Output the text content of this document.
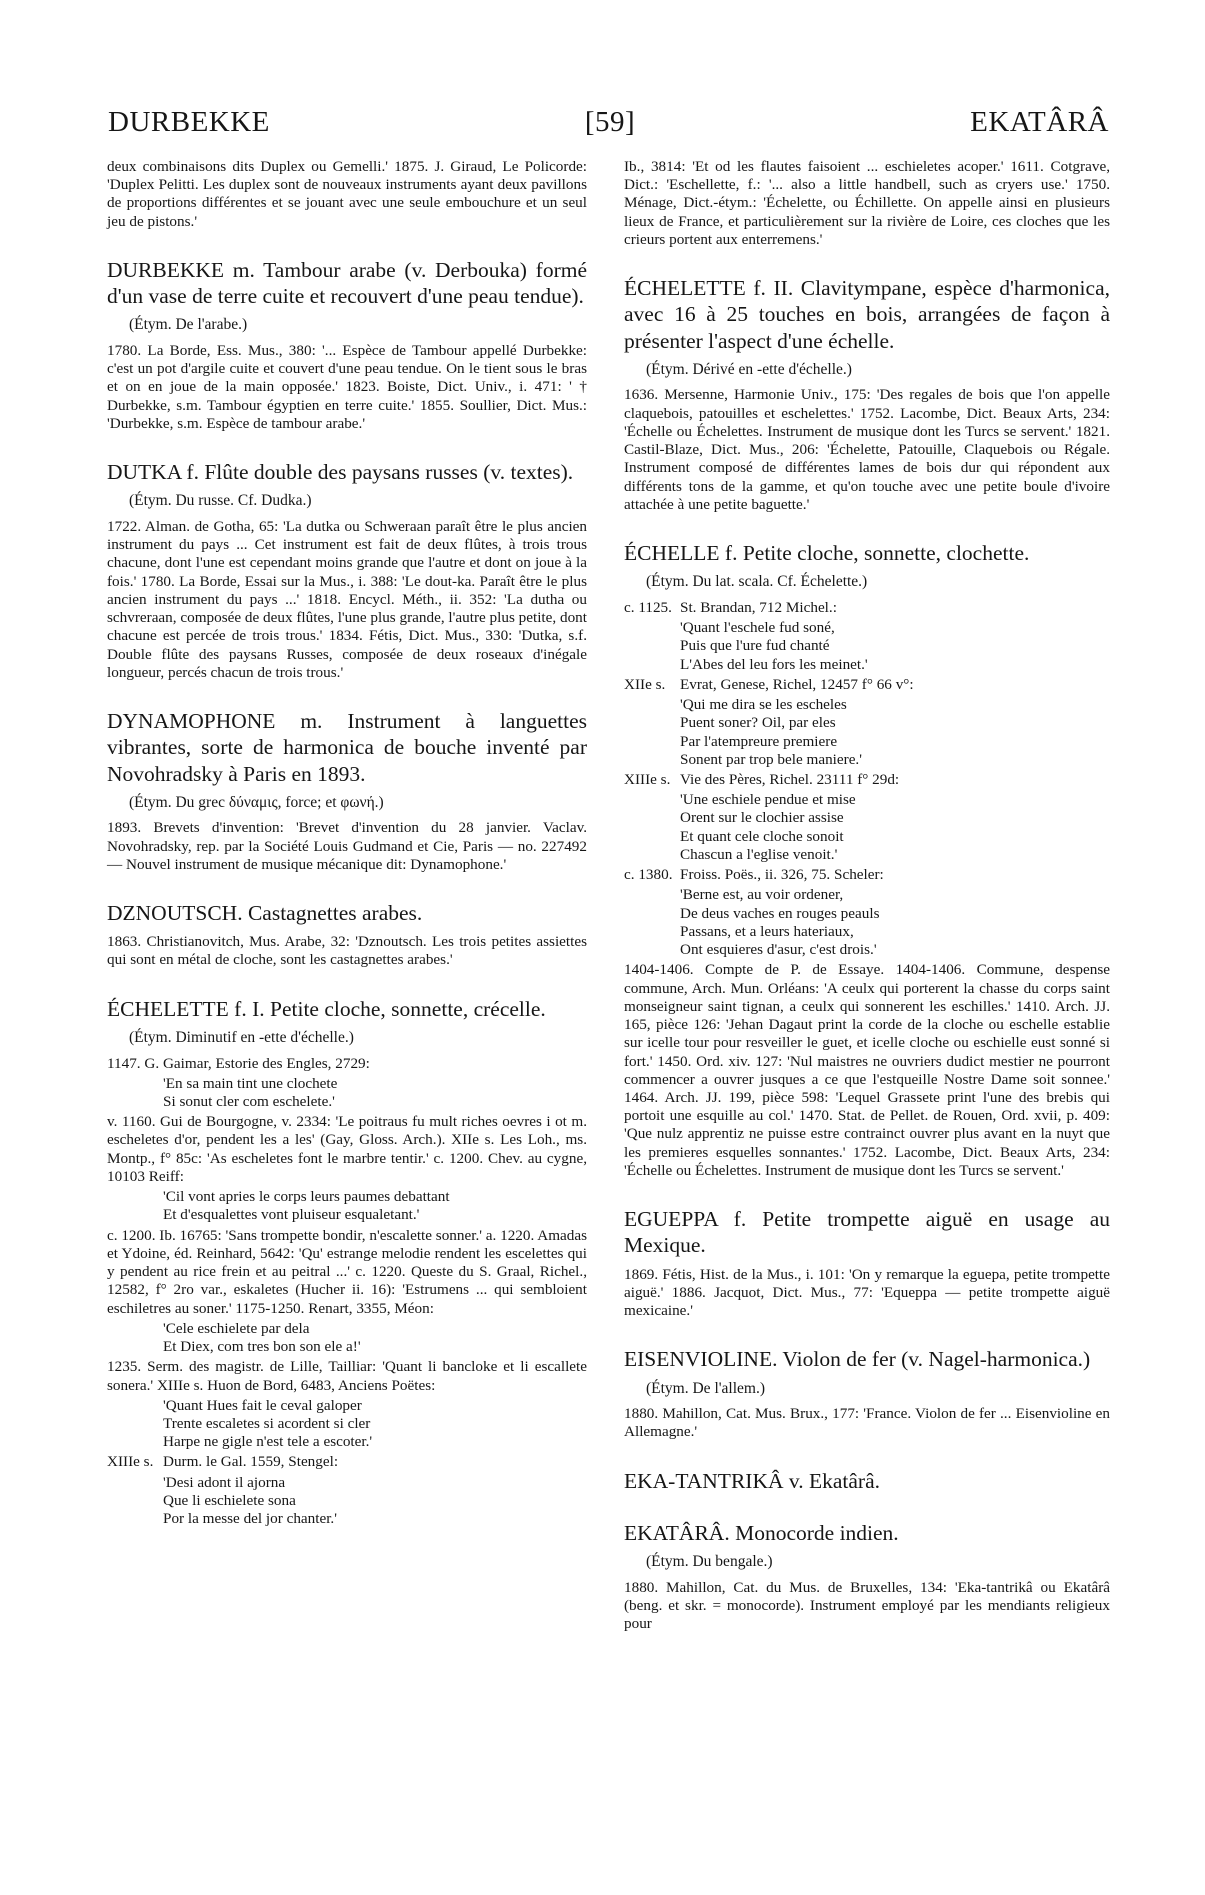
DURBEKKE	[59]	EKATÂRÂ

deux combinaisons dits Duplex ou Gemelli.' 1875. J. Giraud, Le Policorde: 'Duplex Pelitti. Les duplex sont de nouveaux instruments ayant deux pavillons de proportions différentes et se jouant avec une seule embouchure et un seul jeu de pistons.'

DURBEKKE m. Tambour arabe (v. Derbouka) formé d'un vase de terre cuite et recouvert d'une peau tendue).

(Étym. De l'arabe.)

1780. La Borde, Ess. Mus., 380: '... Espèce de Tambour appellé Durbekke: c'est un pot d'argile cuite et couvert d'une peau tendue. On le tient sous le bras et on en joue de la main opposée.' 1823. Boiste, Dict. Univ., i. 471: ' † Durbekke, s.m. Tambour égyptien en terre cuite.' 1855. Soullier, Dict. Mus.: 'Durbekke, s.m. Espèce de tambour arabe.'

DUTKA f. Flûte double des paysans russes (v. textes).

(Étym. Du russe. Cf. Dudka.)

1722. Alman. de Gotha, 65: 'La dutka ou Schweraan paraît être le plus ancien instrument du pays ... Cet instrument est fait de deux flûtes, à trois trous chacune, dont l'une est cependant moins grande que l'autre et dont on joue à la fois.' 1780. La Borde, Essai sur la Mus., i. 388: 'Le dout-ka. Paraît être le plus ancien instrument du pays ...' 1818. Encycl. Méth., ii. 352: 'La dutha ou schvreraan, composée de deux flûtes, l'une plus grande, l'autre plus petite, dont chacune est percée de trois trous.' 1834. Fétis, Dict. Mus., 330: 'Dutka, s.f. Double flûte des paysans Russes, composée de deux roseaux d'inégale longueur, percés chacun de trois trous.'

DYNAMOPHONE m. Instrument à languettes vibrantes, sorte de harmonica de bouche inventé par Novohradsky à Paris en 1893.

(Étym. Du grec δύναμις, force; et φωνή.)

1893. Brevets d'invention: 'Brevet d'invention du 28 janvier. Vaclav. Novohradsky, rep. par la Société Louis Gudmand et Cie, Paris — no. 227492 — Nouvel instrument de musique mécanique dit: Dynamophone.'

DZNOUTSCH. Castagnettes arabes.

1863. Christianovitch, Mus. Arabe, 32: 'Dznoutsch. Les trois petites assiettes qui sont en métal de cloche, sont les castagnettes arabes.'

ÉCHELETTE f. I. Petite cloche, sonnette, crécelle.

(Étym. Diminutif en -ette d'échelle.)

1147. G. Gaimar, Estorie des Engles, 2729:

'En sa main tint une clochete
Si sonut cler com eschelete.'

v. 1160. Gui de Bourgogne, v. 2334: 'Le poitraus fu mult riches oevres i ot m. escheletes d'or, pendent les a les' (Gay, Gloss. Arch.). XIIe s. Les Loh., ms. Montp., f° 85c: 'As escheletes font le marbre tentir.' c. 1200. Chev. au cygne, 10103 Reiff:

'Cil vont apries le corps leurs paumes debattant
Et d'esqualettes vont pluiseur esqualetant.'

c. 1200. Ib. 16765: 'Sans trompette bondir, n'escalette sonner.' a. 1220. Amadas et Ydoine, éd. Reinhard, 5642: 'Qu' estrange melodie rendent les escelettes qui y pendent au rice frein et au peitral ...' c. 1220. Queste du S. Graal, Richel., 12582, f° 2ro var., eskaletes (Hucher ii. 16): 'Estrumens ... qui sembloient eschiletres au soner.' 1175-1250. Renart, 3355, Méon:

'Cele eschielete par dela
Et Diex, com tres bon son ele a!'

1235. Serm. des magistr. de Lille, Tailliar: 'Quant li bancloke et li escallete sonera.' XIIIe s. Huon de Bord, 6483, Anciens Poëtes:

'Quant Hues fait le ceval galoper
Trente escaletes si acordent si cler
Harpe ne gigle n'est tele a escoter.'

XIIIe s. Durm. le Gal. 1559, Stengel:

'Desi adont il ajorna
Que li eschielete sona
Por la messe del jor chanter.'

Ib., 3814: 'Et od les flautes faisoient ... eschieletes acoper.' 1611. Cotgrave, Dict.: 'Eschellette, f.: '... also a little handbell, such as cryers use.' 1750. Ménage, Dict.-étym.: 'Échelette, ou Échillette. On appelle ainsi en plusieurs lieux de France, et particulièrement sur la rivière de Loire, ces cloches que les crieurs portent aux enterremens.'

ÉCHELETTE f. II. Clavitympane, espèce d'harmonica, avec 16 à 25 touches en bois, arrangées de façon à présenter l'aspect d'une échelle.

(Étym. Dérivé en -ette d'échelle.)

1636. Mersenne, Harmonie Univ., 175: 'Des regales de bois que l'on appelle claquebois, patouilles et eschelettes.' 1752. Lacombe, Dict. Beaux Arts, 234: 'Échelle ou Échelettes. Instrument de musique dont les Turcs se servent.' 1821. Castil-Blaze, Dict. Mus., 206: 'Échelette, Patouille, Claquebois ou Régale. Instrument composé de différentes lames de bois dur qui répondent aux différents tons de la gamme, et qu'on touche avec une petite boule d'ivoire attachée à une petite baguette.'

ÉCHELLE f. Petite cloche, sonnette, clochette.

(Étym. Du lat. scala. Cf. Échelette.)

c. 1125. St. Brandan, 712 Michel.:

'Quant l'eschele fud soné,
Puis que l'ure fud chanté
L'Abes del leu fors les meinet.'

XIIe s. Evrat, Genese, Richel, 12457 f° 66 v°:

'Qui me dira se les escheles
Puent soner? Oil, par eles
Par l'atempreure premiere
Sonent par trop bele maniere.'

XIIIe s. Vie des Pères, Richel. 23111 f° 29d:

'Une eschiele pendue et mise
Orent sur le clochier assise
Et quant cele cloche sonoit
Chascun a l'eglise venoit.'

c. 1380. Froiss. Poës., ii. 326, 75. Scheler:

'Berne est, au voir ordener,
De deus vaches en rouges peauls
Passans, et a leurs hateriaux,
Ont esquieres d'asur, c'est drois.'

1404-1406. Compte de P. de Essaye. 1404-1406. Commune, despense commune, Arch. Mun. Orléans: 'A ceulx qui porterent la chasse du corps saint monseigneur saint tignan, a ceulx qui sonnerent les eschilles.' 1410. Arch. JJ. 165, pièce 126: 'Jehan Dagaut print la corde de la cloche ou eschelle establie sur icelle tour pour resveiller le guet, et icelle cloche ou eschielle eust sonné si fort.' 1450. Ord. xiv. 127: 'Nul maistres ne ouvriers dudict mestier ne pourront commencer a ouvrer jusques a ce que l'estqueille Nostre Dame soit sonnee.' 1464. Arch. JJ. 199, pièce 598: 'Lequel Grassete print l'une des brebis qui portoit une esquille au col.' 1470. Stat. de Pellet. de Rouen, Ord. xvii, p. 409: 'Que nulz apprentiz ne puisse estre contrainct ouvrer plus avant en la nuyt que les premieres esquelles sonnantes.' 1752. Lacombe, Dict. Beaux Arts, 234: 'Échelle ou Échelettes. Instrument de musique dont les Turcs se servent.'

EGUEPPA f. Petite trompette aiguë en usage au Mexique.

1869. Fétis, Hist. de la Mus., i. 101: 'On y remarque la eguepa, petite trompette aiguë.' 1886. Jacquot, Dict. Mus., 77: 'Equeppa — petite trompette aiguë mexicaine.'

EISENVIOLINE. Violon de fer (v. Nagel-harmonica.)

(Étym. De l'allem.)

1880. Mahillon, Cat. Mus. Brux., 177: 'France. Violon de fer ... Eisenvioline en Allemagne.'

EKA-TANTRIKÂ v. Ekatârâ.

EKATÂRÂ. Monocorde indien.

(Étym. Du bengale.)

1880. Mahillon, Cat. du Mus. de Bruxelles, 134: 'Eka-tantrikâ ou Ekatârâ (beng. et skr. = monocorde). Instrument employé par les mendiants religieux pour
